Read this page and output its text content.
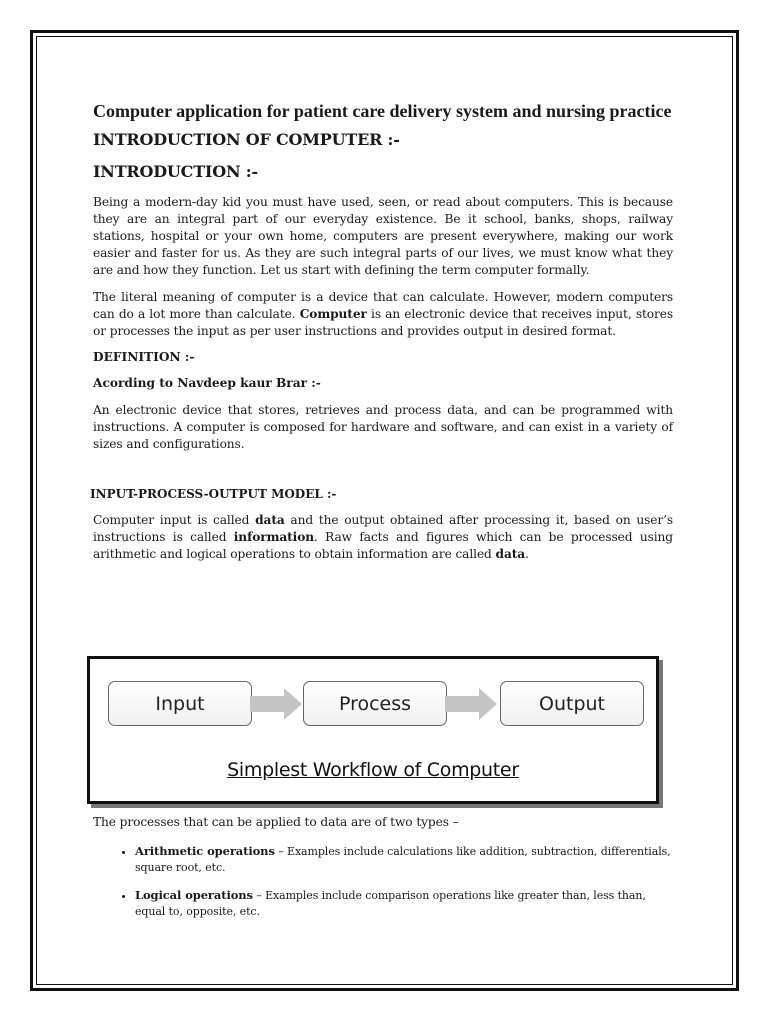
Computer application for patient care delivery system and nursing practice
INTRODUCTION OF COMPUTER :-
INTRODUCTION :-

Being a modern-day kid you must have used, seen, or read about computers. This is because they are an integral part of our everyday existence. Be it school, banks, shops, railway stations, hospital or your own home, computers are present everywhere, making our work easier and faster for us. As they are such integral parts of our lives, we must know what they are and how they function. Let us start with defining the term computer formally.

The literal meaning of computer is a device that can calculate. However, modern computers can do a lot more than calculate. Computer is an electronic device that receives input, stores or processes the input as per user instructions and provides output in desired format.

DEFINITION :-
Acording to Navdeep kaur Brar :-

An electronic device that stores, retrieves and process data, and can be programmed with instructions. A computer is composed for hardware and software, and can exist in a variety of sizes and configurations.

INPUT-PROCESS-OUTPUT MODEL :-

Computer input is called data and the output obtained after processing it, based on user’s instructions is called information. Raw facts and figures which can be processed using arithmetic and logical operations to obtain information are called data.

Input	Process	Output
Simplest Workflow of Computer

The processes that can be applied to data are of two types –

• Arithmetic operations – Examples include calculations like addition, subtraction, differentials, square root, etc.
• Logical operations – Examples include comparison operations like greater than, less than, equal to, opposite, etc.
